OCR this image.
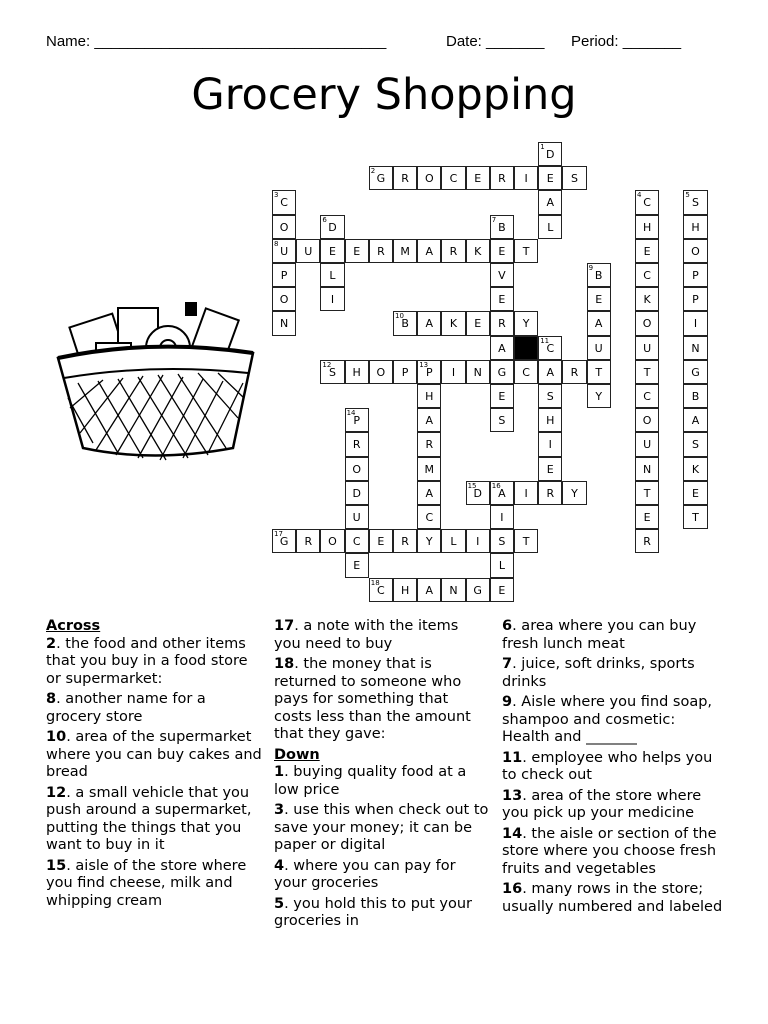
Name: ___________________________________

	Date: _______

Period: _______

Grocery Shopping
1
D
E
A
L
2
G	R	O	C	E	R	I	S
3
C
O
8
U
P
O
N
4
C
H
E
C
K
O
U
T
C
O
U
N
T
E
R
5
S
H
O
P
P
I
N
G
B
A
S
K
E
T
6
D
E
L
I
7
B
E
V
E
R
A
G
E
S
U	E	R	M	A	R	K	T
9
B
E
A
U
T
Y
10
B	A	K	E	Y
11
C
A
S
H
I
E
R
12
S	H	O	P
13
P	I	N	C	R
H
A
R
M
A
C
Y
14
P
R
O
D
U
C
E
15
D
16
A	I	Y
I
S
L
E
17
G	R	O	E	R	L	I	T
18
C	H	A	N	G
Across
2. the food and other items that you buy in a food store or supermarket:
8. another name for a grocery store
10. area of the supermarket where you can buy cakes and bread
12. a small vehicle that you push around a supermarket, putting the things that you want to buy in it
15. aisle of the store where you find cheese, milk and whipping cream
17. a note with the items you need to buy
18. the money that is returned to someone who pays for something that costs less than the amount that they gave:
Down
1. buying quality food at a low price
3. use this when check out to save your money; it can be paper or digital
4. where you can pay for your groceries
5. you hold this to put your groceries in
6. area where you can buy fresh lunch meat
7. juice, soft drinks, sports drinks
9. Aisle where you find soap, shampoo and cosmetic: Health and _______
11. employee who helps you to check out
13. area of the store where you pick up your medicine
14. the aisle or section of the store where you choose fresh fruits and vegetables
16. many rows in the store; usually numbered and labeled
